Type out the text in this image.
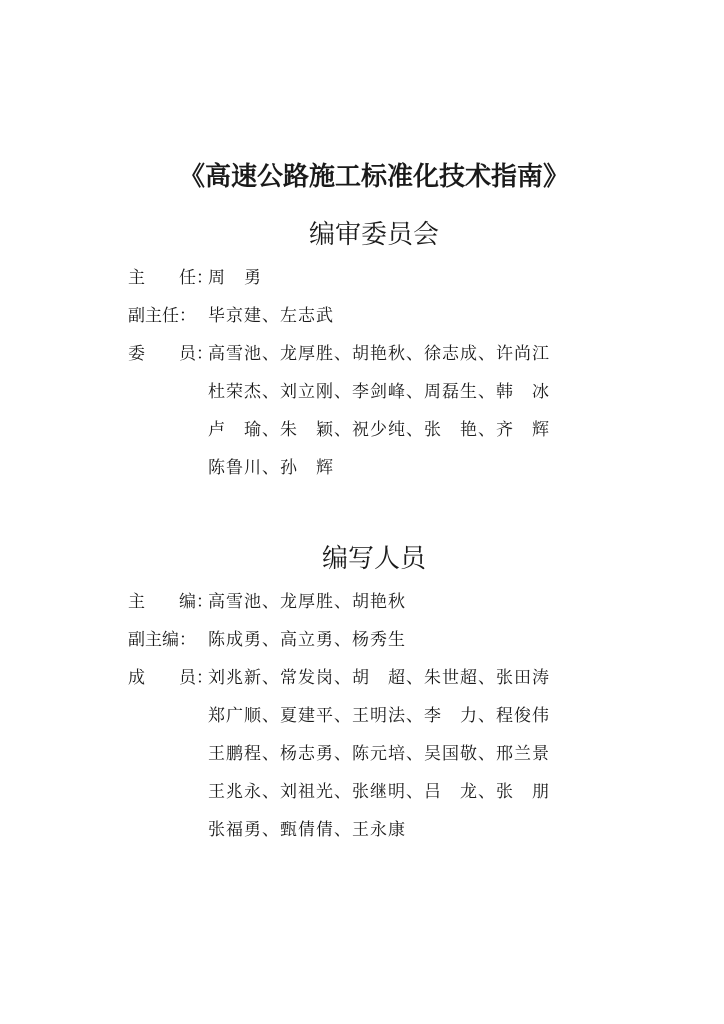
《高速公路施工标准化技术指南》
编审委员会
主　　任：
周　勇
副主任： 毕京建、左志武
委　　员：
高雪池、龙厚胜、胡艳秋、徐志成、许尚江
杜荣杰、刘立刚、李剑峰、周磊生、韩　冰
卢　瑜、朱　颖、祝少纯、张　艳、齐　辉
陈鲁川、孙　辉
编写人员
主　　编：
高雪池、龙厚胜、胡艳秋
副主编： 陈成勇、高立勇、杨秀生
成　　员：
刘兆新、常发岗、胡　超、朱世超、张田涛
郑广顺、夏建平、王明法、李　力、程俊伟
王鹏程、杨志勇、陈元培、吴国敬、邢兰景
王兆永、刘祖光、张继明、吕　龙、张　朋
张福勇、甄倩倩、王永康
